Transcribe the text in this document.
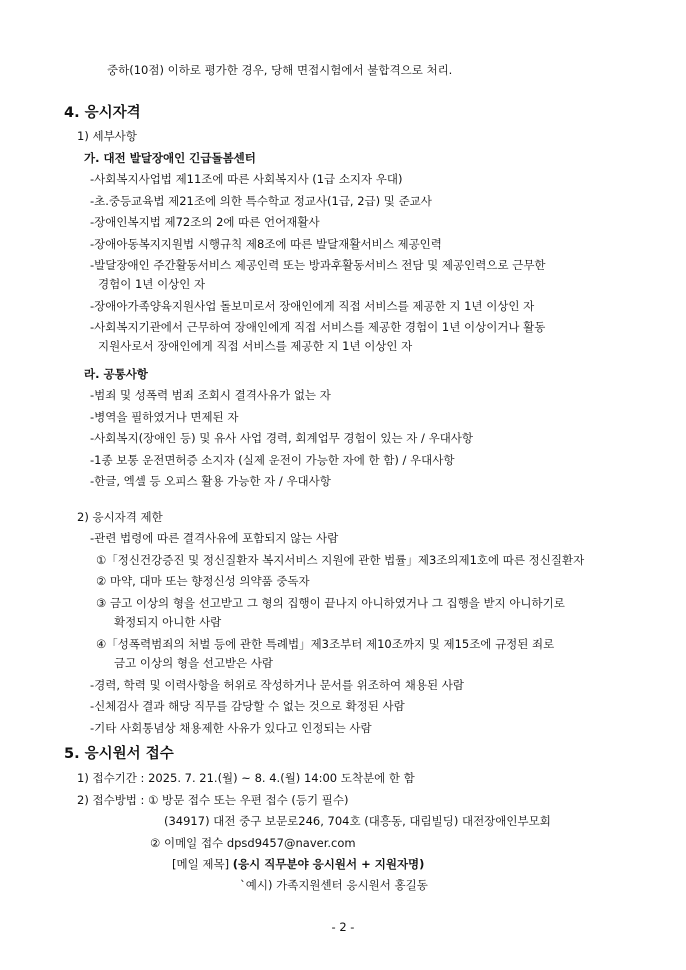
중하(10점) 이하로 평가한 경우, 당해 면접시험에서 불합격으로 처리.
4. 응시자격
1) 세부사항
가. 대전 발달장애인 긴급돌봄센터
-사회복지사업법 제11조에 따른 사회복지사 (1급 소지자 우대)
-초.중등교육법 제21조에 의한 특수학교 정교사(1급, 2급) 및 준교사
-장애인복지법 제72조의 2에 따른 언어재활사
-장애아동복지지원법 시행규칙 제8조에 따른 발달재활서비스 제공인력
-발달장애인 주간활동서비스 제공인력 또는 방과후활동서비스 전담 및 제공인력으로 근무한
경험이 1년 이상인 자
-장애아가족양육지원사업 돌보미로서 장애인에게 직접 서비스를 제공한 지 1년 이상인 자
-사회복지기관에서 근무하여 장애인에게 직접 서비스를 제공한 경험이 1년 이상이거나 활동
지원사로서 장애인에게 직접 서비스를 제공한 지 1년 이상인 자
라. 공통사항
-범죄 및 성폭력 범죄 조회시 결격사유가 없는 자
-병역을 필하였거나 면제된 자
-사회복지(장애인 등) 및 유사 사업 경력, 회계업무 경험이 있는 자 / 우대사항
-1종 보통 운전면허증 소지자 (실제 운전이 가능한 자에 한 함) / 우대사항
-한글, 엑셀 등 오피스 활용 가능한 자 / 우대사항
2) 응시자격 제한
-관련 법령에 따른 결격사유에 포함되지 않는 사람
①「정신건강증진 및 정신질환자 복지서비스 지원에 관한 법률」제3조의제1호에 따른 정신질환자
② 마약, 대마 또는 향정신성 의약품 중독자
③ 금고 이상의 형을 선고받고 그 형의 집행이 끝나지 아니하였거나 그 집행을 받지 아니하기로
확정되지 아니한 사람
④「성폭력범죄의 처벌 등에 관한 특례법」제3조부터 제10조까지 및 제15조에 규정된 죄로
금고 이상의 형을 선고받은 사람
-경력, 학력 및 이력사항을 허위로 작성하거나 문서를 위조하여 채용된 사람
-신체검사 결과 해당 직무를 감당할 수 없는 것으로 확정된 사람
-기타 사회통념상 채용제한 사유가 있다고 인정되는 사람
5. 응시원서 접수
1) 접수기간 : 2025. 7. 21.(월) ~ 8. 4.(월) 14:00 도착분에 한 함
2) 접수방법 : ① 방문 접수 또는 우편 접수 (등기 필수)
(34917) 대전 중구 보문로246, 704호 (대흥동, 대림빌딩) 대전장애인부모회
② 이메일 접수 dpsd9457@naver.com
[메일 제목] (응시 직무분야 응시원서 + 지원자명)
`예시) 가족지원센터 응시원서 홍길동
- 2 -
